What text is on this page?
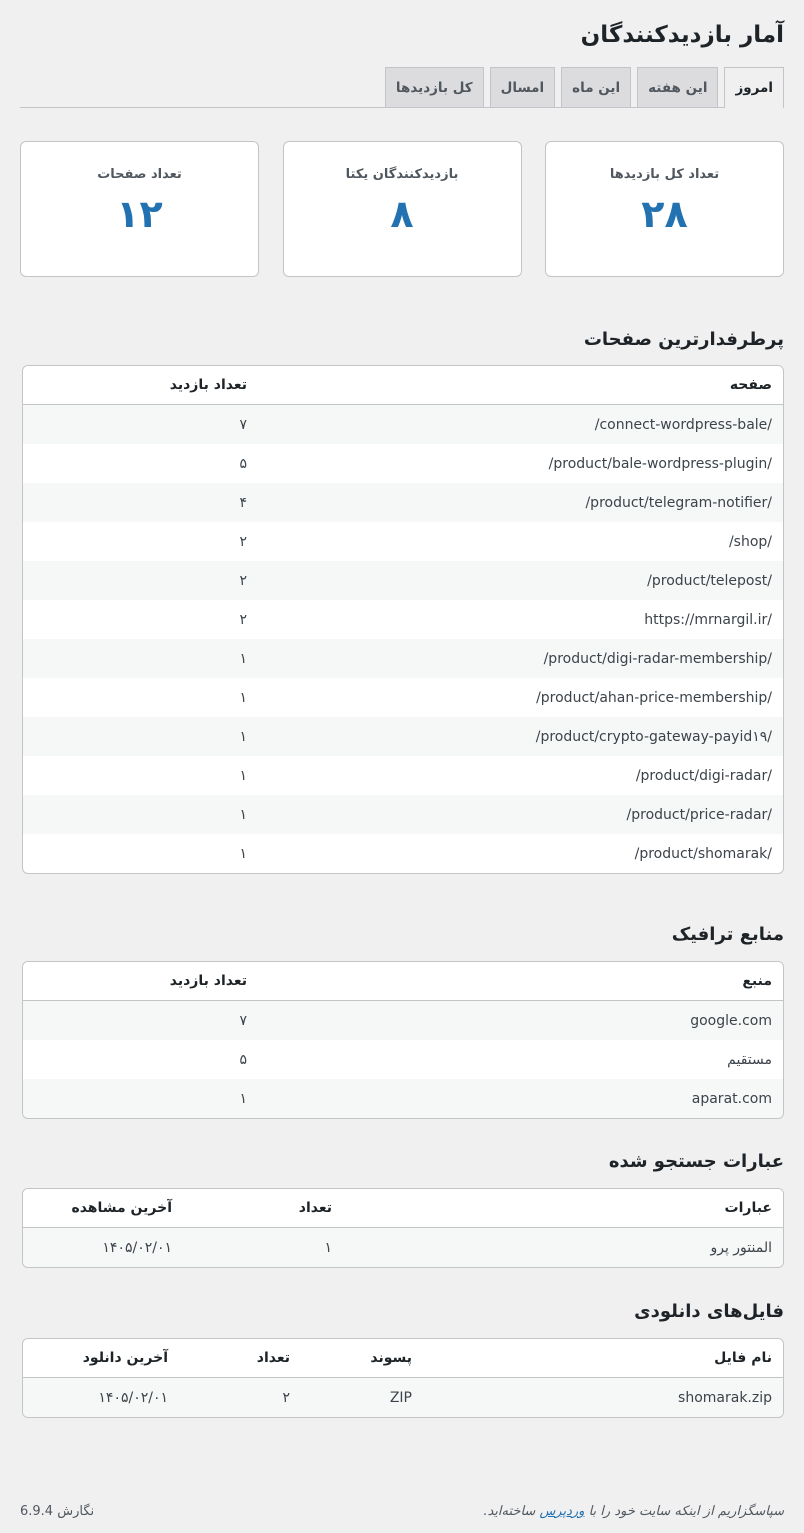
آمار بازدیدکنندگان
امروز
این هفته
این ماه
امسال
کل بازدیدها
تعداد کل بازدیدها
۲۸
بازدیدکنندگان یکتا
۸
تعداد صفحات
۱۲
پرطرفدارترین صفحات
صفحه	تعداد بازدید
/connect-wordpress-bale/	۷
/product/bale-wordpress-plugin/	۵
/product/telegram-notifier/	۴
/shop/	۲
/product/telepost/	۲
https://mrnargil.ir/	۲
/product/digi-radar-membership/	۱
/product/ahan-price-membership/	۱
/product/crypto-gateway-payid۱۹/	۱
/product/digi-radar/	۱
/product/price-radar/	۱
/product/shomarak/	۱
منابع ترافیک
منبع	تعداد بازدید
google.com	۷
مستقیم	۵
aparat.com	۱
عبارات جستجو شده
عبارات	تعداد	آخرین مشاهده
المنتور پرو	۱	۱۴۰۵/۰۲/۰۱
فایل‌های دانلودی
نام فایل	پسوند	تعداد	آخرین دانلود
shomarak.zip	ZIP	۲	۱۴۰۵/۰۲/۰۱
سپاسگزاریم از اینکه سایت خود را با وردپرس ساخته‌اید.
نگارش 6.9.4
